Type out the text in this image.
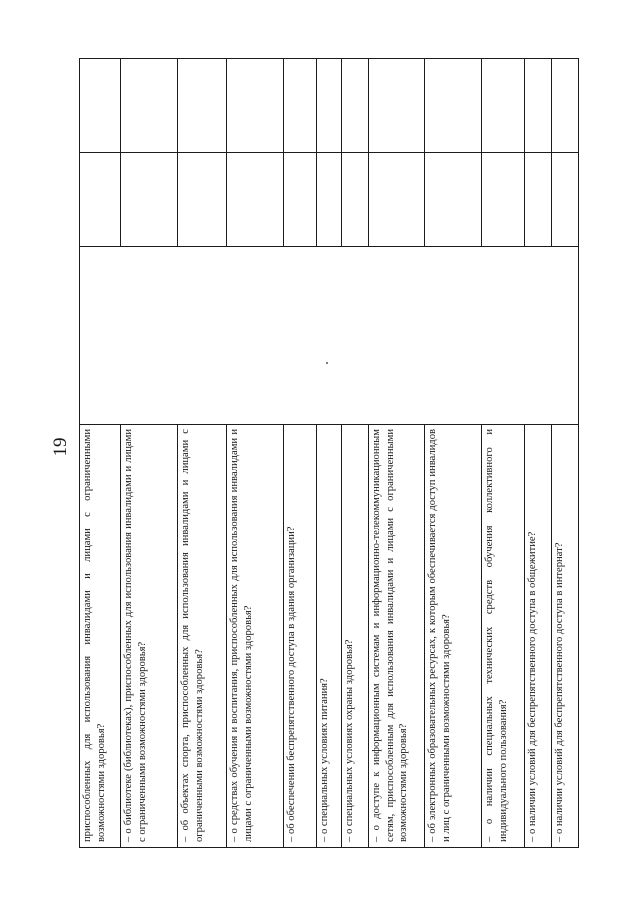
19	приспособленных для использования инвалидами и лицами с ограниченными возможностями здоровья?	

– о библиотеке (библиотеках), приспособленных для использования инвалидами и лицами с ограниченными возможностями здоровья?			
– об объектах спорта, приспособленных для использования инвалидами и лицами с ограниченными возможностями здоровья?			
– о средствах обучения и воспитания, приспособленных для использования инвалидами и лицами с ограниченными возможностями здоровья?			
– об обеспечении беспрепятственного доступа в здания организации?			
– о специальных условиях питания?			
– о специальных условиях охраны здоровья?			
– о доступе к информационным системам и информационно-телекоммуникационным сетям, приспособленным для использования инвалидами и лицами с ограниченными возможностями здоровья?			
– об электронных образовательных ресурсах, к которым обеспечивается доступ инвалидов и лиц с ограниченными возможностями здоровья?			
– о наличии специальных технических средств обучения коллективного и индивидуального пользования?			
– о наличии условий для беспрепятственного доступа в общежитие?			
– о наличии условий для беспрепятственного доступа в интернат?			
